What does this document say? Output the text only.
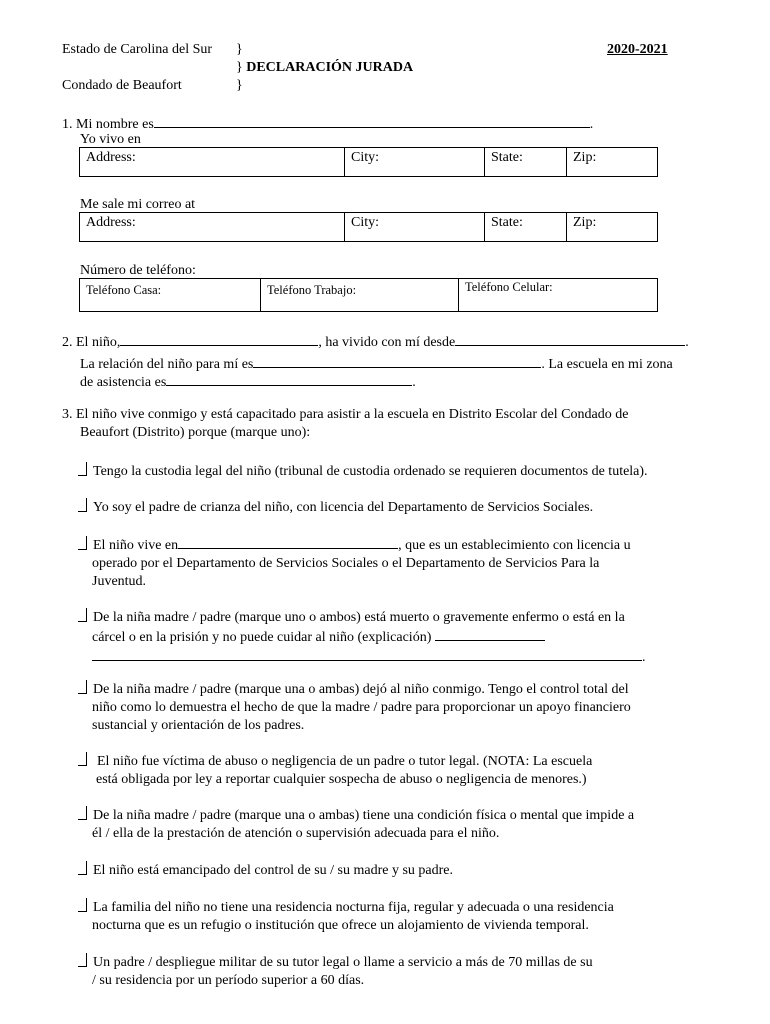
Estado de Carolina del Sur }
} DECLARACIÓN JURADA
Condado de Beaufort	}
2020-2021
1. Mi nombre es	.
Yo vivo en
Address:	City:	State:	Zip:
Me sale mi correo at
Address:	City:	State:	Zip:
Número de teléfono:
Teléfono Casa:	Teléfono Trabajo:	Teléfono Celular:
2. El niño,	, ha vivido con mí desde	.
La relación del niño para mí es	. La escuela en mi zona
de asistencia es	.
3. El niño vive conmigo y está capacitado para asistir a la escuela en Distrito Escolar del Condado de
Beaufort (Distrito) porque (marque uno):
Tengo la custodia legal del niño (tribunal de custodia ordenado se requieren documentos de tutela).
Yo soy el padre de crianza del niño, con licencia del Departamento de Servicios Sociales.
El niño vive en	, que es un establecimiento con licencia u
operado por el Departamento de Servicios Sociales o el Departamento de Servicios Para la
Juventud.
De la niña madre / padre (marque uno o ambos) está muerto o gravemente enfermo o está en la
cárcel o en la prisión y no puede cuidar al niño (explicación)
.
De la niña madre / padre (marque una o ambas) dejó al niño conmigo. Tengo el control total del
niño como lo demuestra el hecho de que la madre / padre para proporcionar un apoyo financiero
sustancial y orientación de los padres.
El niño fue víctima de abuso o negligencia de un padre o tutor legal. (NOTA: La escuela
está obligada por ley a reportar cualquier sospecha de abuso o negligencia de menores.)
De la niña madre / padre (marque una o ambas) tiene una condición física o mental que impide a
él / ella de la prestación de atención o supervisión adecuada para el niño.
El niño está emancipado del control de su / su madre y su padre.
La familia del niño no tiene una residencia nocturna fija, regular y adecuada o una residencia
nocturna que es un refugio o institución que ofrece un alojamiento de vivienda temporal.
Un padre / despliegue militar de su tutor legal o llame a servicio a más de 70 millas de su
/ su residencia por un período superior a 60 días.
